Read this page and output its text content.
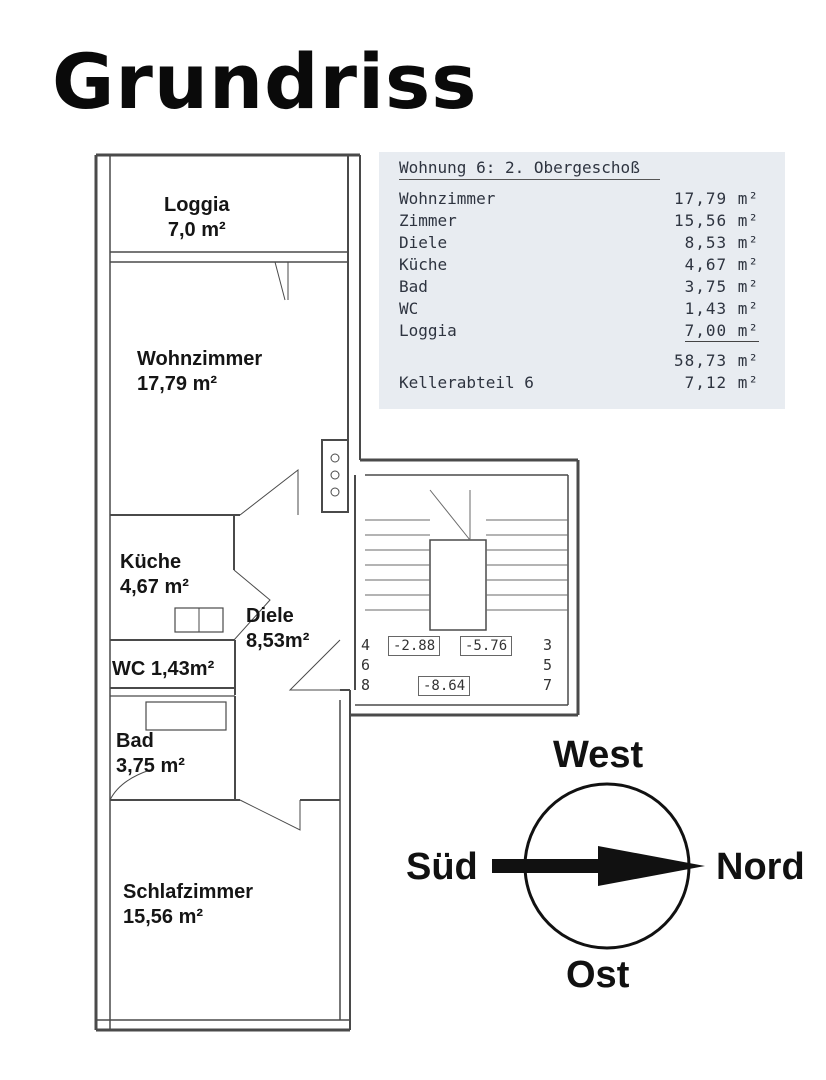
Grundriss
Loggia
7,0 m²
Wohnzimmer
17,79 m²
Küche
4,67 m²
Diele
8,53m²
WC 1,43m²
Bad
3,75 m²
Schlafzimmer
15,56 m²
-2.88	-5.76
-8.64
4
6
8
3
5
7
Wohnung 6: 2. Obergeschoß
Wohnzimmer	17,79 m²
Zimmer	15,56 m²
Diele	8,53 m²
Küche	4,67 m²
Bad	3,75 m²
WC	1,43 m²
Loggia	7,00 m²
58,73 m²
Kellerabteil 6	7,12 m²
West
Süd	Nord
Ost
